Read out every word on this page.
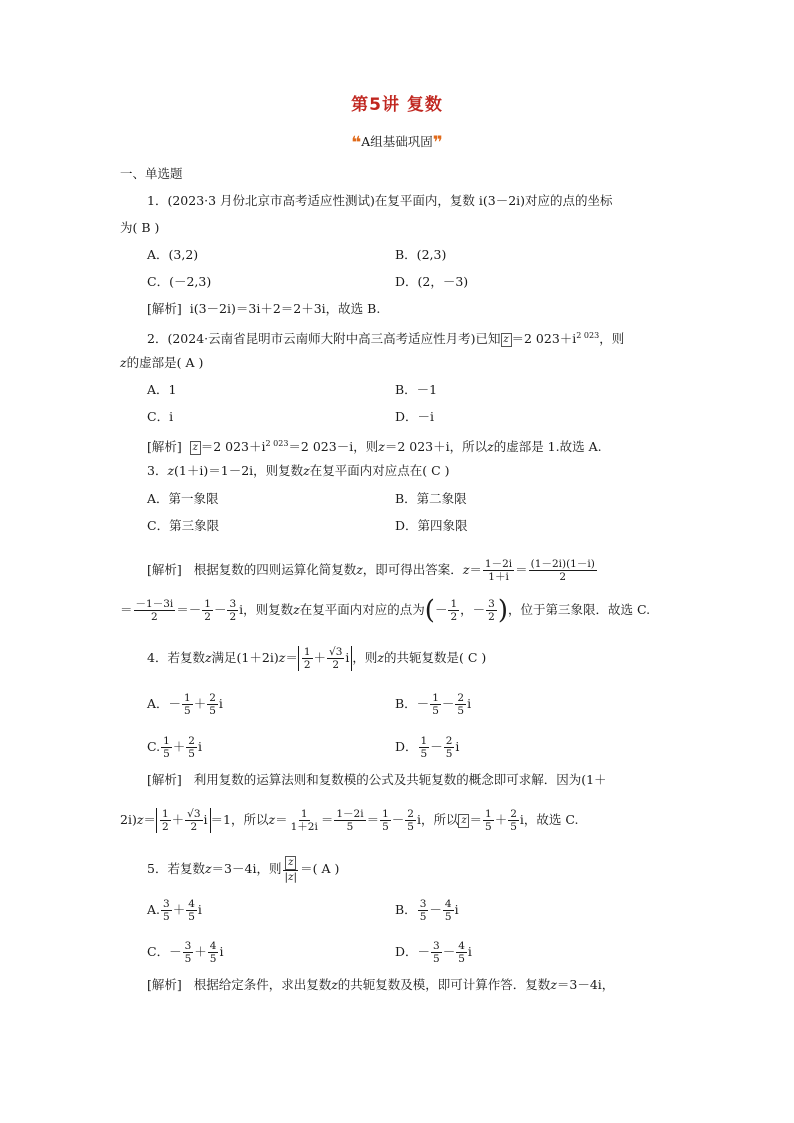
第5讲 复数
❝A组基础巩固❞
一、单选题
1．(2023·3 月份北京市高考适应性测试)在复平面内，复数 i(3－2i)对应的点的坐标
为( B )
A．(3,2)	B．(2,3)
C．(－2,3)	D．(2，－3)
[解析] i(3－2i)＝3i＋2＝2＋3i，故选 B.
2．(2024·云南省昆明市云南师大附中高三高考适应性月考)已知 z ＝2 $023+i^{2 023}$，则
z的虚部是( A )
A．1	B．－1
C．i	D．－i
[解析] z ＝2 $023+i^{2 023}=2$ 023－i，则z＝2 023＋i，所以z的虚部是 1.故选 A.
3．z(1＋i)＝1－2i，则复数z在复平面内对应点在( C )
A．第一象限	B．第二象限
C．第三象限	D．第四象限
[解析] 根据复数的四则运算化简复数z，即可得出答案．$z= \frac{1-2i}{1+i} = \frac{(1-2i)(1-i)}{2}$
＝ $\frac{-1-3i}{2} =- \frac{1}{2} - \frac{3}{2}$ i，则复数z在复平面内对应的点为(－ $\frac{1}{2}$ ，－ $\frac{3}{2}$ )，位于第三象限．故选 C.
4．若复数z满足$(1+2i)z= \frac{1}{2} + \frac{√3}{2}$ i ，则z的共轭复数是( C )
A．－ $\frac{1}{5} + \frac{2}{5}$ i	B．－ $\frac{1}{5} - \frac{2}{5}$ i
C. $\frac{1}{5} + \frac{2}{5}$ i	D． $\frac{1}{5} - \frac{2}{5}$ i
[解析] 利用复数的运算法则和复数模的公式及共轭复数的概念即可求解．因为(1＋
$2i)z= \frac{1}{2} + \frac{√3}{2}$ i ＝1，所以$z= \frac{1}{1+2i} = \frac{1-2i}{5} = \frac{1}{5} - \frac{2}{5}$ i，所以 $z = \frac{1}{5} + \frac{2}{5}$ i，故选 C.
5．若复数z＝3－4i，则 $\frac{z}{|z|}$ ＝( A )
A. $\frac{3}{5} + \frac{4}{5}$ i	B． $\frac{3}{5} - \frac{4}{5}$ i
C．－ $\frac{3}{5} + \frac{4}{5}$ i	D．－ $\frac{3}{5} - \frac{4}{5}$ i
[解析] 根据给定条件，求出复数z的共轭复数及模，即可计算作答．复数z＝3－4i，
